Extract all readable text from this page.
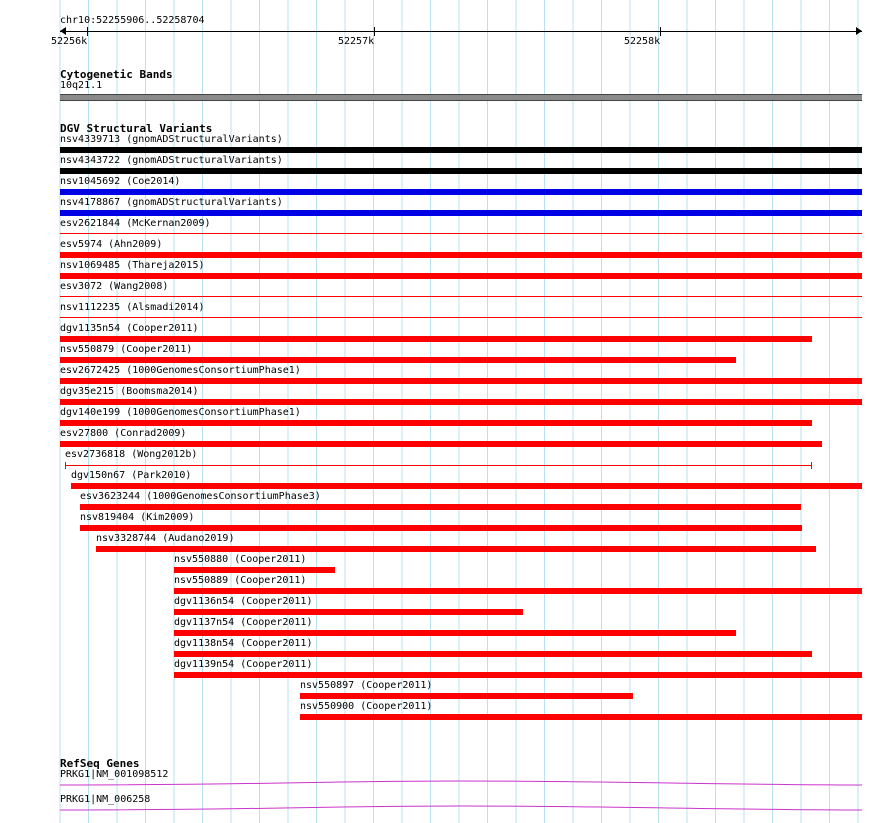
chr10:52255906..52258704
52256k	52257k	52258k
Cytogenetic Bands
10q21.1
DGV Structural Variants
nsv4339713 (gnomADStructuralVariants)
nsv4343722 (gnomADStructuralVariants)
nsv1045692 (Coe2014)
nsv4178867 (gnomADStructuralVariants)
esv2621844 (McKernan2009)
esv5974 (Ahn2009)
nsv1069485 (Thareja2015)
esv3072 (Wang2008)
nsv1112235 (Alsmadi2014)
dgv1135n54 (Cooper2011)
nsv550879 (Cooper2011)
esv2672425 (1000GenomesConsortiumPhase1)
dgv35e215 (Boomsma2014)
dgv140e199 (1000GenomesConsortiumPhase1)
esv27800 (Conrad2009)
esv2736818 (Wong2012b)
dgv150n67 (Park2010)
esv3623244 (1000GenomesConsortiumPhase3)
nsv819404 (Kim2009)
nsv3328744 (Audano2019)
nsv550880 (Cooper2011)
nsv550889 (Cooper2011)
dgv1136n54 (Cooper2011)
dgv1137n54 (Cooper2011)
dgv1138n54 (Cooper2011)
dgv1139n54 (Cooper2011)
nsv550897 (Cooper2011)
nsv550900 (Cooper2011)
RefSeq Genes
PRKG1|NM_001098512
PRKG1|NM_006258
